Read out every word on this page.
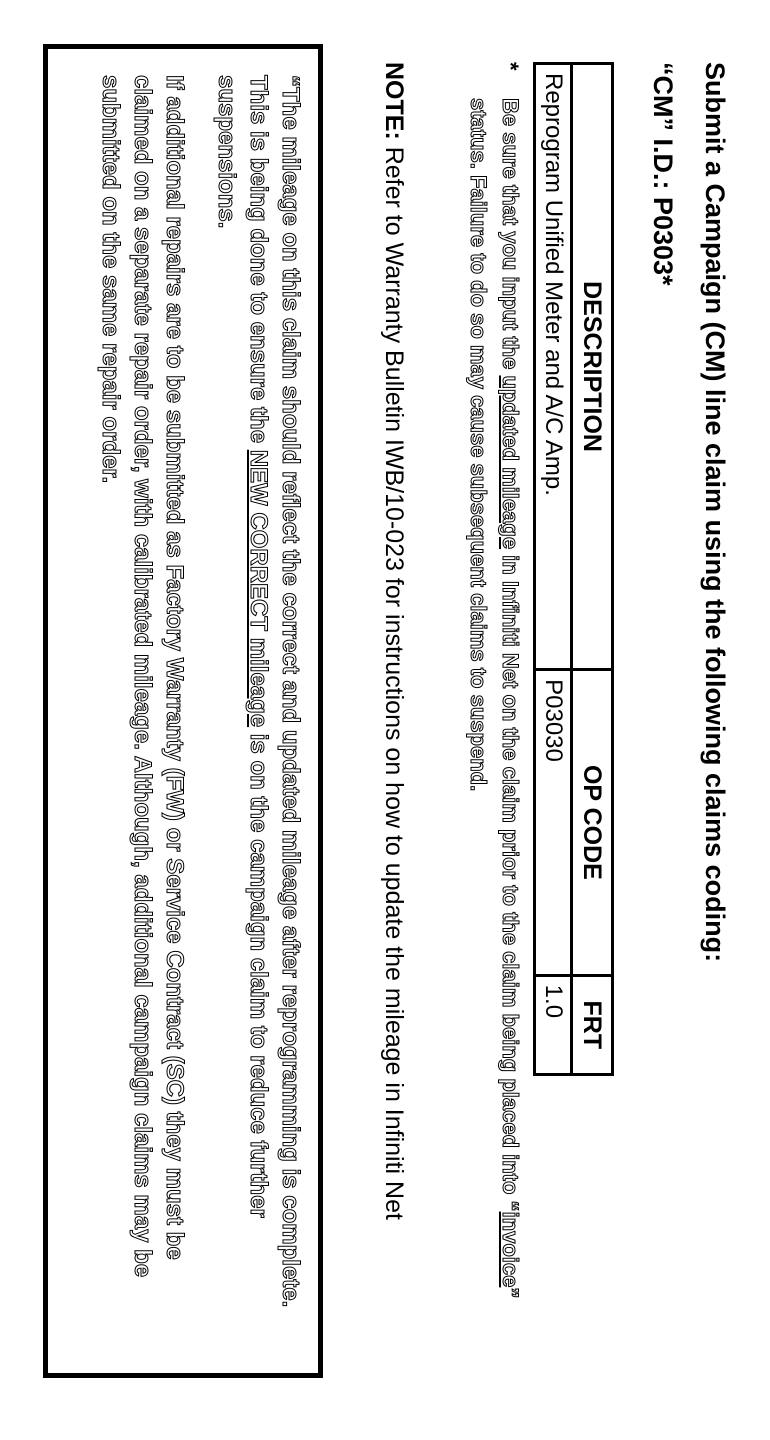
Submit a Campaign (CM) line claim using the following claims coding:
“CM” I.D.: P0303*
DESCRIPTION	OP CODE	FRT
Reprogram Unified Meter and A/C Amp.	P03030	1.0
*
Be sure that you input the updated mileage in Infiniti Net on the claim prior to the claim being placed into “invoice” status. Failure to do so may cause subsequent claims to suspend.
NOTE: Refer to Warranty Bulletin IWB/10-023 for instructions on how to update the mileage in Infiniti Net

“The mileage on this claim should reflect the correct and updated mileage after reprogramming is complete. This is being done to ensure the NEW CORRECT mileage is on the campaign claim to reduce further suspensions.

If additional repairs are to be submitted as Factory Warranty (FW) or Service Contract (SC) they must be claimed on a separate repair order, with calibrated mileage. Although, additional campaign claims may be submitted on the same repair order.
